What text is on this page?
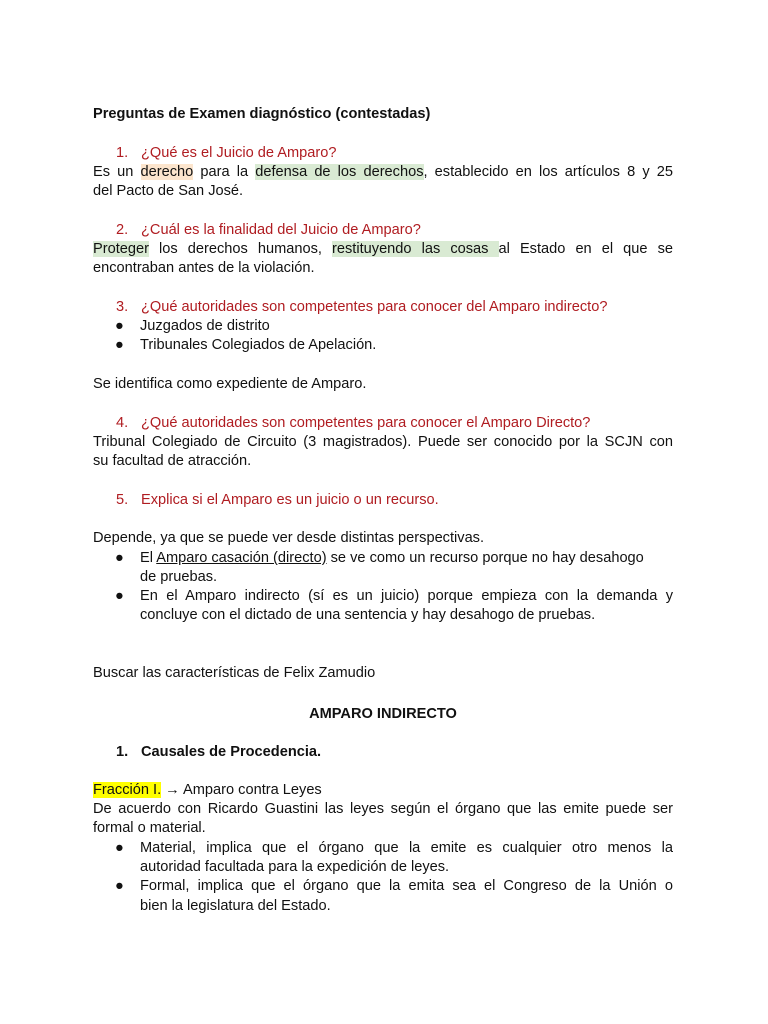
Preguntas de Examen diagnóstico (contestadas)
1. ¿Qué es el Juicio de Amparo?
Es un derecho para la defensa de los derechos, establecido en los artículos 8 y 25
del Pacto de San José.
2. ¿Cuál es la finalidad del Juicio de Amparo?
Proteger los derechos humanos, restituyendo las cosas al Estado en el que se
encontraban antes de la violación.
3. ¿Qué autoridades son competentes para conocer del Amparo indirecto?
● Juzgados de distrito
● Tribunales Colegiados de Apelación.
Se identifica como expediente de Amparo.
4. ¿Qué autoridades son competentes para conocer el Amparo Directo?
Tribunal Colegiado de Circuito (3 magistrados). Puede ser conocido por la SCJN con
su facultad de atracción.
5. Explica si el Amparo es un juicio o un recurso.
Depende, ya que se puede ver desde distintas perspectivas.
● El Amparo casación (directo) se ve como un recurso porque no hay desahogo
de pruebas.
● En el Amparo indirecto (sí es un juicio) porque empieza con la demanda y
concluye con el dictado de una sentencia y hay desahogo de pruebas.
Buscar las características de Felix Zamudio
AMPARO INDIRECTO
1. Causales de Procedencia.
Fracción I. → Amparo contra Leyes
De acuerdo con Ricardo Guastini las leyes según el órgano que las emite puede ser
formal o material.
● Material, implica que el órgano que la emite es cualquier otro menos la
autoridad facultada para la expedición de leyes.
● Formal, implica que el órgano que la emita sea el Congreso de la Unión o
bien la legislatura del Estado.
